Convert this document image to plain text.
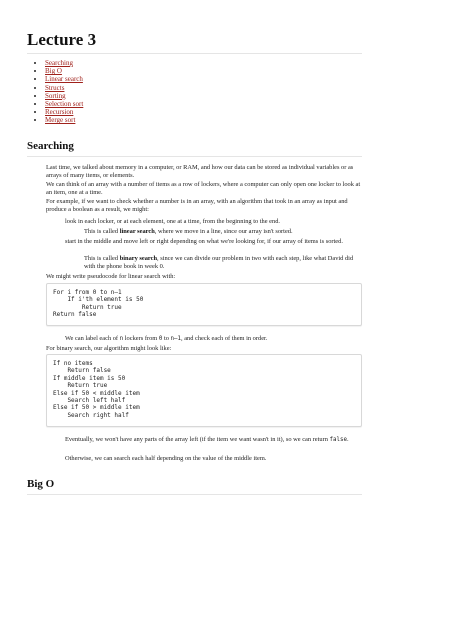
Lecture 3
• Searching
• Big O
• Linear search
• Structs
• Sorting
• Selection sort
• Recursion
• Merge sort
Searching

Last time, we talked about memory in a computer, or RAM, and how our data can be stored as individual variables or as arrays of many items, or elements.

We can think of an array with a number of items as a row of lockers, where a computer can only open one locker to look at an item, one at a time.

For example, if we want to check whether a number is in an array, with an algorithm that took in an array as input and produce a boolean as a result, we might:

look in each locker, or at each element, one at a time, from the beginning to the end.

This is called linear search, where we move in a line, since our array isn't sorted.

start in the middle and move left or right depending on what we're looking for, if our array of items is sorted.

This is called binary search, since we can divide our problem in two with each step, like what David did with the phone book in week 0.

We might write pseudocode for linear search with:

For i from 0 to n–1
If i'th element is 50
Return true
Return false

We can label each of n lockers from 0 to n–1, and check each of them in order.

For binary search, our algorithm might look like:

If no items
Return false
If middle item is 50
Return true
Else if 50 < middle item
Search left half
Else if 50 > middle item
Search right half

Eventually, we won't have any parts of the array left (if the item we want wasn't in it), so we can return false.

Otherwise, we can search each half depending on the value of the middle item.

Big O
